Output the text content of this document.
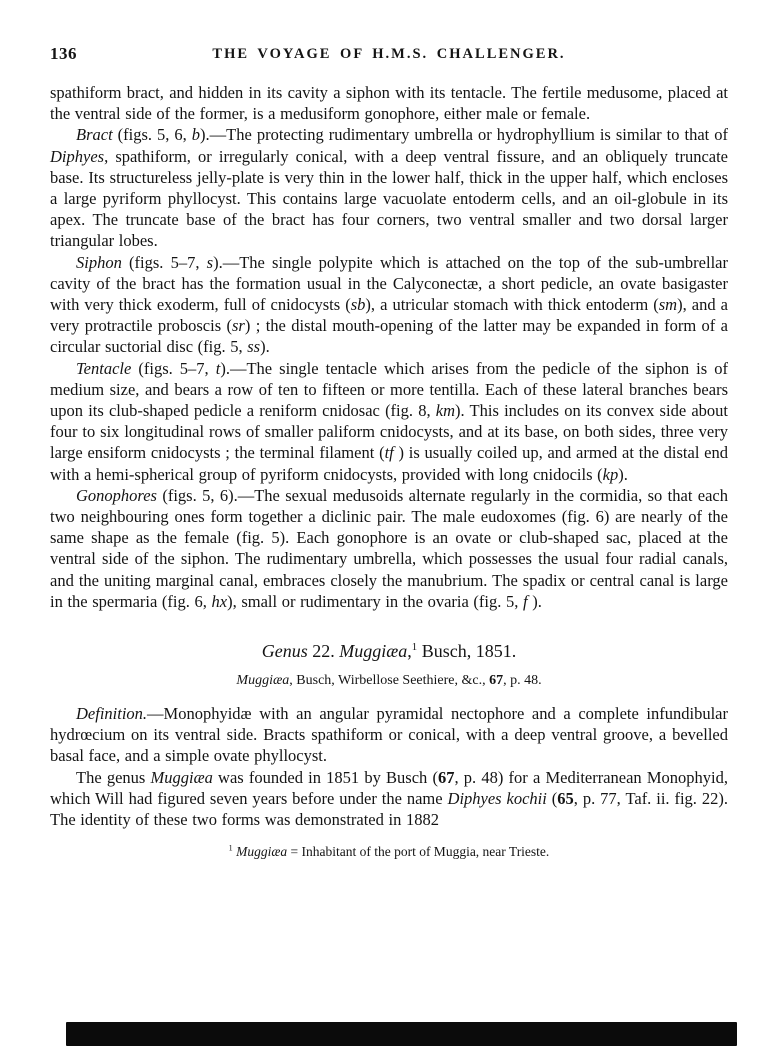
136	THE VOYAGE OF H.M.S. CHALLENGER.

spathiform bract, and hidden in its cavity a siphon with its tentacle. The fertile medusome, placed at the ventral side of the former, is a medusiform gonophore, either male or female.

Bract (figs. 5, 6, b).—The protecting rudimentary umbrella or hydrophyllium is similar to that of Diphyes, spathiform, or irregularly conical, with a deep ventral fissure, and an obliquely truncate base. Its structureless jelly-plate is very thin in the lower half, thick in the upper half, which encloses a large pyriform phyllocyst. This contains large vacuolate entoderm cells, and an oil-globule in its apex. The truncate base of the bract has four corners, two ventral smaller and two dorsal larger triangular lobes.

Siphon (figs. 5–7, s).—The single polypite which is attached on the top of the sub-umbrellar cavity of the bract has the formation usual in the Calyconectæ, a short pedicle, an ovate basigaster with very thick exoderm, full of cnidocysts (sb), a utricular stomach with thick entoderm (sm), and a very protractile proboscis (sr) ; the distal mouth-opening of the latter may be expanded in form of a circular suctorial disc (fig. 5, ss).

Tentacle (figs. 5–7, t).—The single tentacle which arises from the pedicle of the siphon is of medium size, and bears a row of ten to fifteen or more tentilla. Each of these lateral branches bears upon its club-shaped pedicle a reniform cnidosac (fig. 8, km). This includes on its convex side about four to six longitudinal rows of smaller paliform cnidocysts, and at its base, on both sides, three very large ensiform cnidocysts ; the terminal filament (tf ) is usually coiled up, and armed at the distal end with a hemi-spherical group of pyriform cnidocysts, provided with long cnidocils (kp).

Gonophores (figs. 5, 6).—The sexual medusoids alternate regularly in the cormidia, so that each two neighbouring ones form together a diclinic pair. The male eudoxomes (fig. 6) are nearly of the same shape as the female (fig. 5). Each gonophore is an ovate or club-shaped sac, placed at the ventral side of the siphon. The rudimentary umbrella, which possesses the usual four radial canals, and the uniting marginal canal, embraces closely the manubrium. The spadix or central canal is large in the spermaria (fig. 6, hx), small or rudimentary in the ovaria (fig. 5, f ).

Genus 22. Muggiæa,$^1$ Busch, 1851.
Muggiæa, Busch, Wirbellose Seethiere, &c., 67, p. 48.

Definition.—Monophyidæ with an angular pyramidal nectophore and a complete infundibular hydrœcium on its ventral side. Bracts spathiform or conical, with a deep ventral groove, a bevelled basal face, and a simple ovate phyllocyst.

The genus Muggiæa was founded in 1851 by Busch (67, p. 48) for a Mediterranean Monophyid, which Will had figured seven years before under the name Diphyes kochii (65, p. 77, Taf. ii. fig. 22). The identity of these two forms was demonstrated in 1882

$^1$ Muggiæa = Inhabitant of the port of Muggia, near Trieste.
